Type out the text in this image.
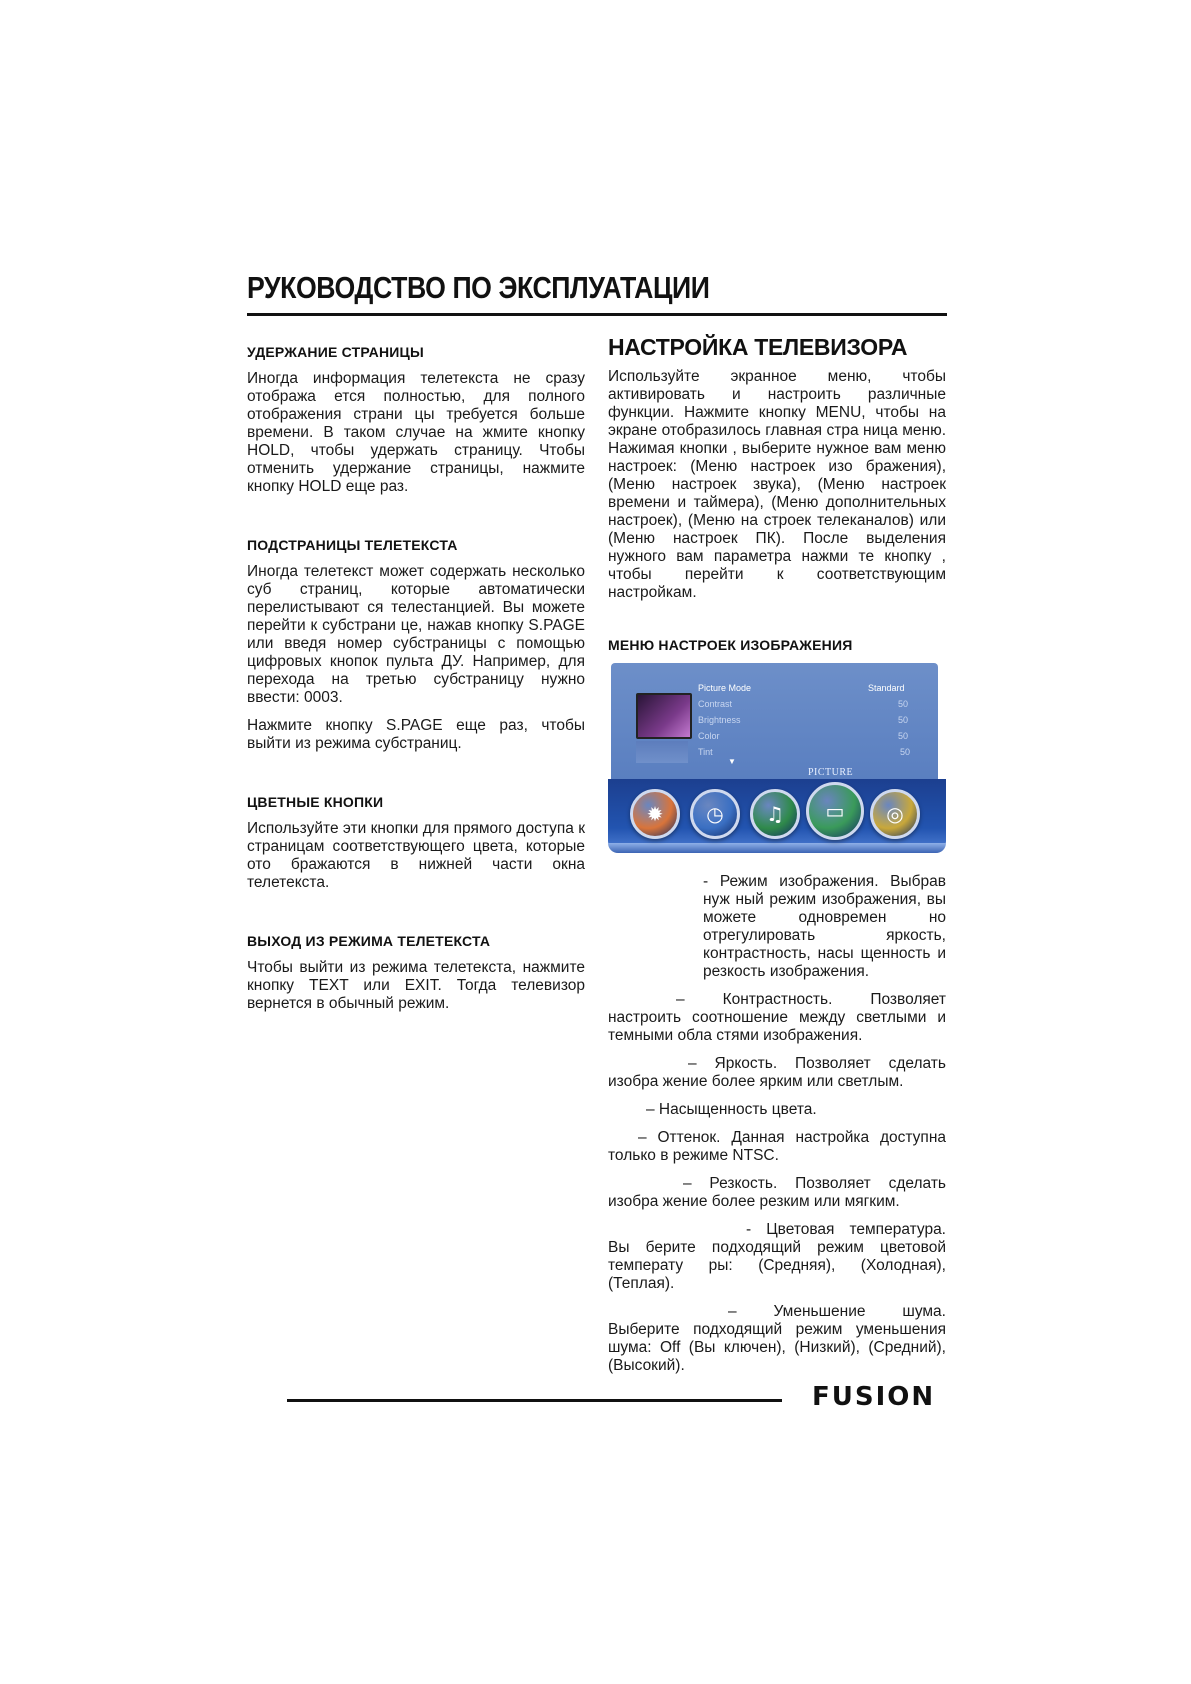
РУКОВОДСТВО ПО ЭКСПЛУАТАЦИИ
УДЕРЖАНИЕ СТРАНИЦЫ

Иногда информация телетекста не сразу отобража ется полностью, для полного отображения страни цы требуется больше времени. В таком случае на жмите кнопку HOLD, чтобы удержать страницу. Чтобы отменить удержание страницы, нажмите кнопку HOLD еще раз.

ПОДСТРАНИЦЫ ТЕЛЕТЕКСТА

Иногда телетекст может содержать несколько суб страниц, которые автоматически перелистывают ся телестанцией. Вы можете перейти к субстрани це, нажав кнопку S.PAGE или введя номер субстраницы с помощью цифровых кнопок пульта ДУ. Например, для перехода на третью субстраницу нужно ввести: 0003.

Нажмите кнопку S.PAGE еще раз, чтобы выйти из режима субстраниц.

ЦВЕТНЫЕ КНОПКИ

Используйте эти кнопки для прямого доступа к страницам соответствующего цвета, которые ото бражаются в нижней части окна телетекста.

ВЫХОД ИЗ РЕЖИМА ТЕЛЕТЕКСТА

Чтобы выйти из режима телетекста, нажмите кнопку TEXT или EXIT. Тогда телевизор вернется в обычный режим.

НАСТРОЙКА ТЕЛЕВИЗОРА

Используйте экранное меню, чтобы активировать и настроить различные функции. Нажмите кнопку MENU, чтобы на экране отобразилось главная стра ница меню. Нажимая кнопки , выберите нужное вам меню настроек: (Меню настроек изо бражения), (Меню настроек звука), (Меню настроек времени и таймера), (Меню дополнительных настроек), (Меню на строек телеканалов) или (Меню настроек ПК). После выделения нужного вам параметра нажми те кнопку , чтобы перейти к соответствующим настройкам.

МЕНЮ НАСТРОЕК ИЗОБРАЖЕНИЯ
Picture Mode	Standard
Contrast	50
Brightness	50
Color	50
Tint	50
▼
PICTURE
✹	◷	♫	▭	◎

- Режим изображения. Выбрав нуж ный режим изображения, вы можете одновремен но отрегулировать яркость, контрастность, насы щенность и резкость изображения.

– Контрастность. Позволяет настроить соотношение между светлыми и темными обла стями изображения.

– Яркость. Позволяет сделать изобра жение более ярким или светлым.

– Насыщенность цвета.

– Оттенок. Данная настройка доступна только в режиме NTSC.

– Резкость. Позволяет сделать изобра жение более резким или мягким.

- Цветовая температура. Вы берите подходящий режим цветовой температу ры: (Средняя), (Холодная), (Теплая).

– Уменьшение шума. Выберите подходящий режим уменьшения шума: Off (Вы ключен), (Низкий), (Средний), (Высокий).

FUSION
